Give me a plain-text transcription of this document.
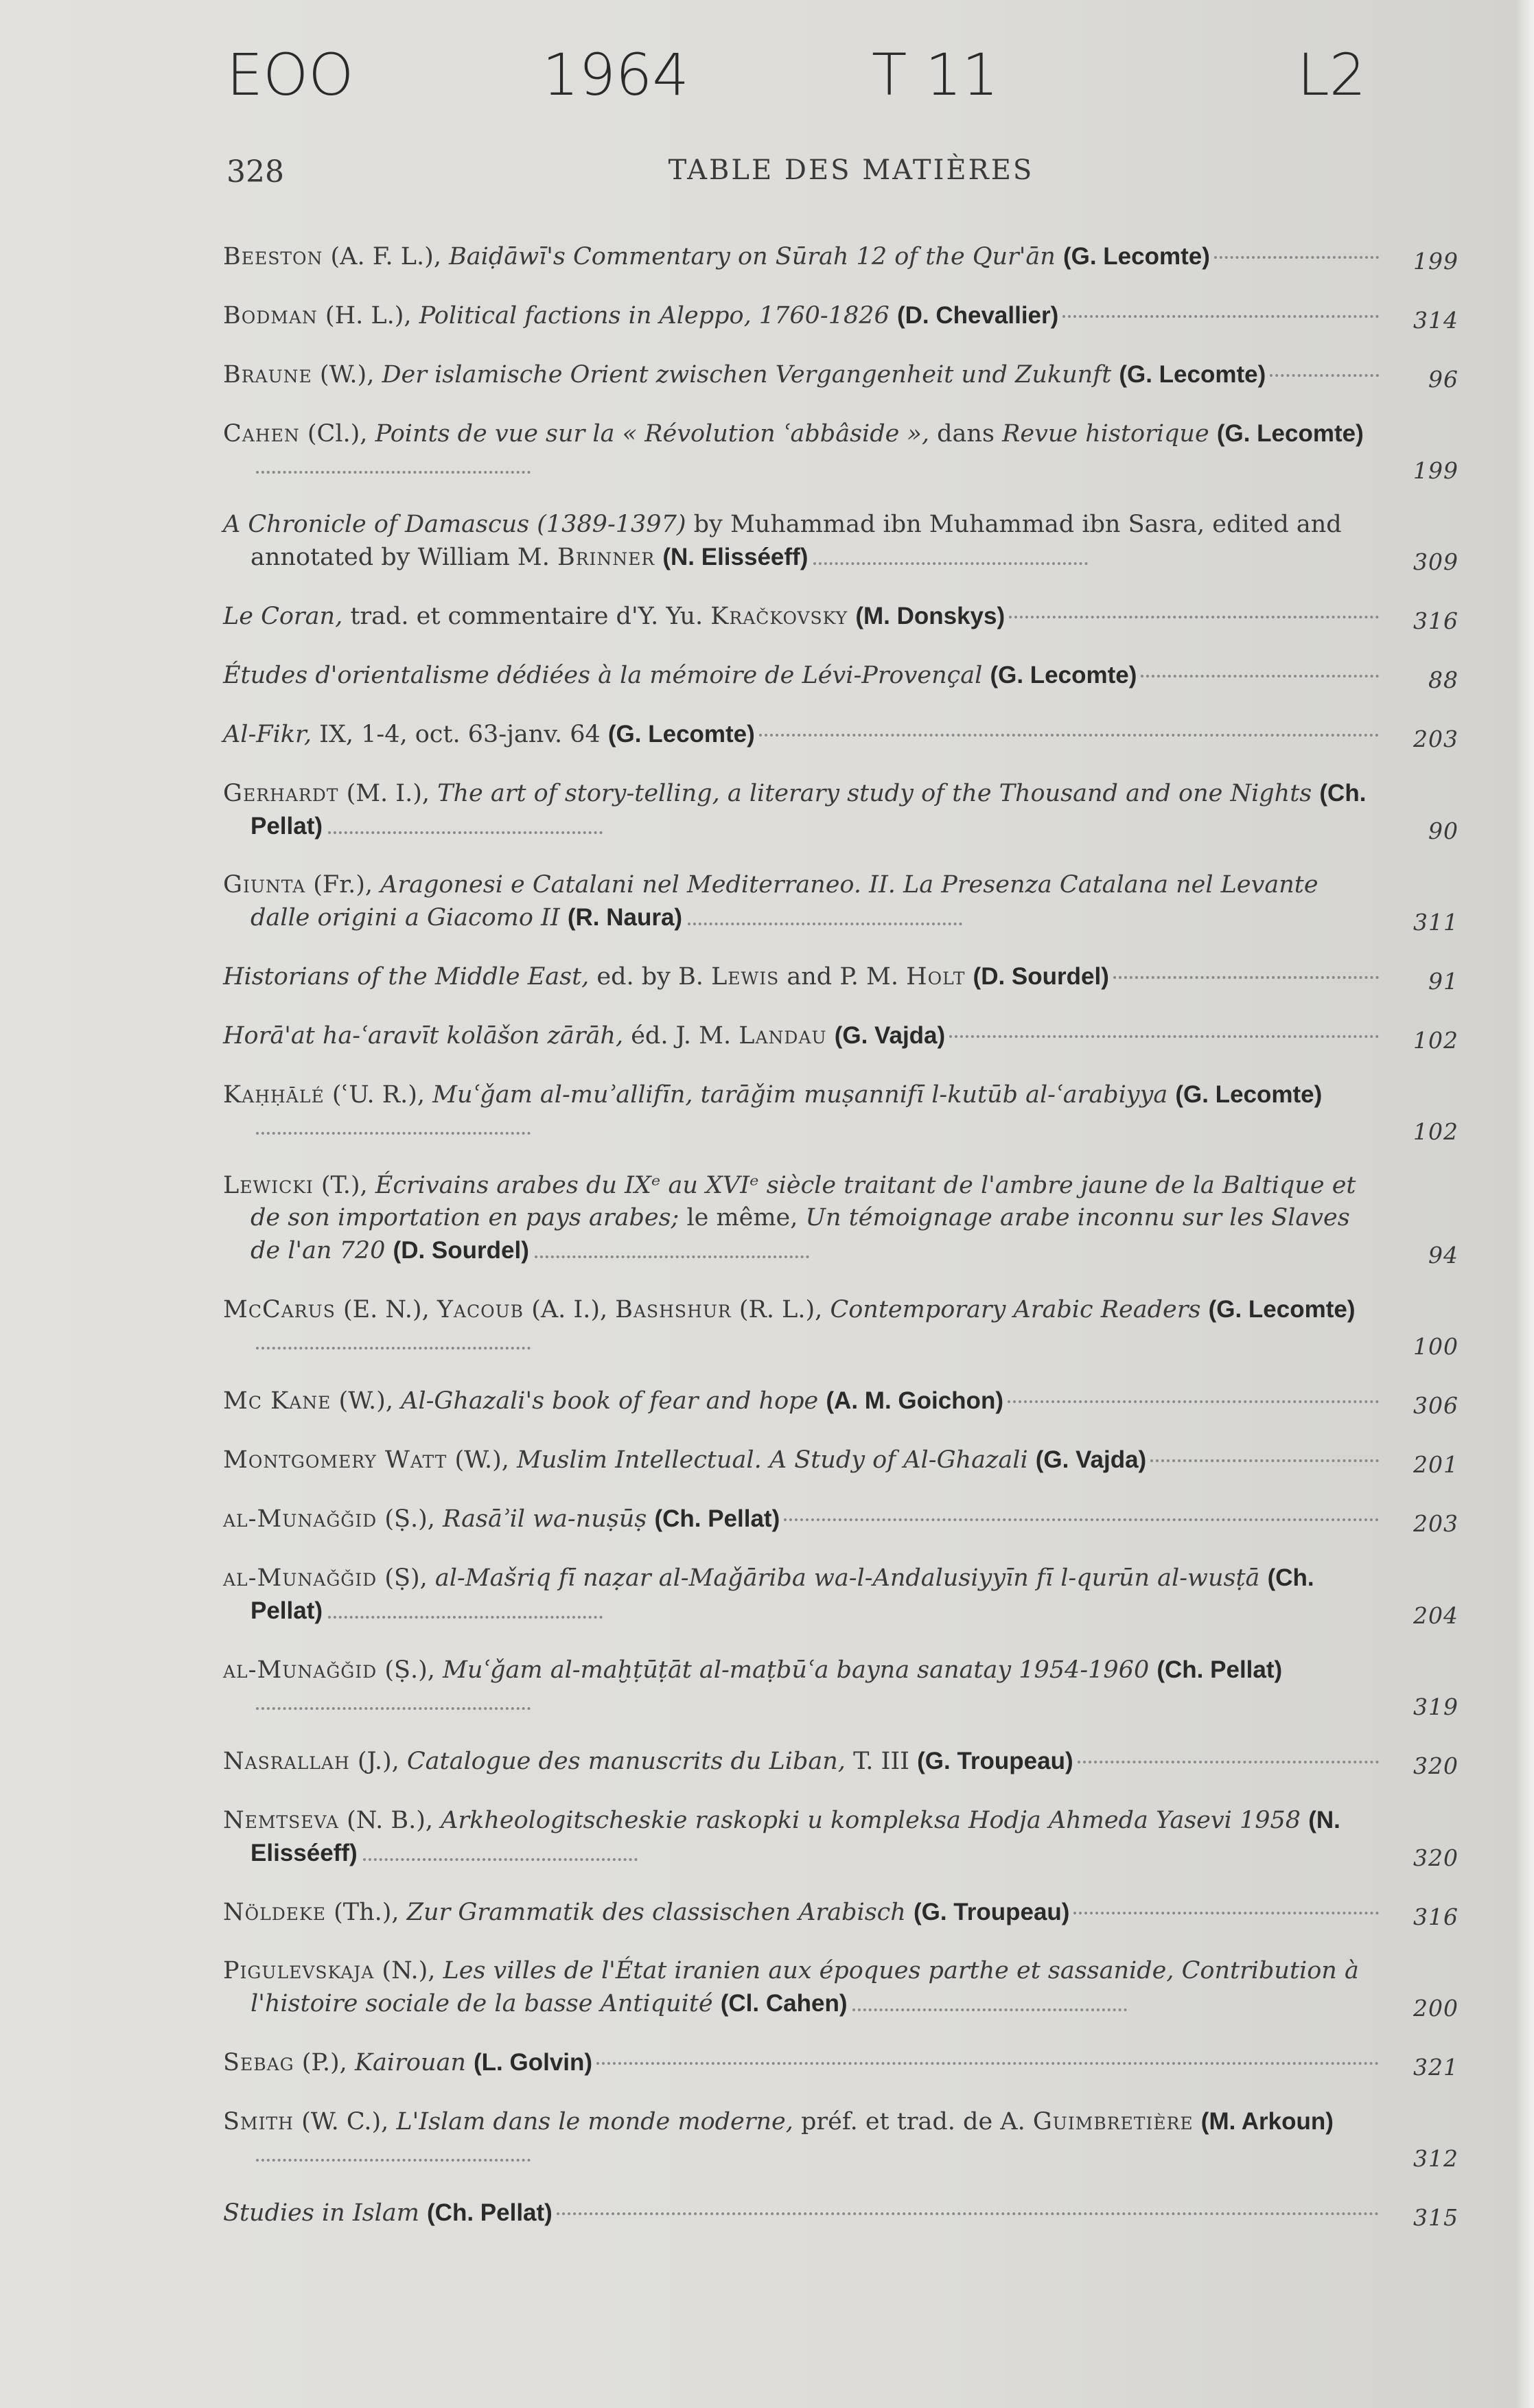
EOO	1964	T 11	L2
328	TABLE DES MATIÈRES
Beeston (A. F. L.), Baiḍāwī's Commentary on Sūrah 12 of the Qur'ān (G. Lecomte)	199
Bodman (H. L.), Political factions in Aleppo, 1760-1826 (D. Chevallier)	314
Braune (W.), Der islamische Orient zwischen Vergangenheit und Zukunft (G. Lecomte)	96
Cahen (Cl.), Points de vue sur la « Révolution ʿabbâside », dans Revue historique (G. Lecomte)
199
A Chronicle of Damascus (1389-1397) by Muhammad ibn Muhammad ibn Sasra, edited and annotated by William M. Brinner (N. Elisséeff)	309
Le Coran, trad. et commentaire d'Y. Yu. Kračkovsky (M. Donskys)	316
Études d'orientalisme dédiées à la mémoire de Lévi-Provençal (G. Lecomte)	88
Al-Fikr, IX, 1-4, oct. 63-janv. 64 (G. Lecomte)	203
Gerhardt (M. I.), The art of story-telling, a literary study of the Thousand and one Nights (Ch. Pellat)	90
Giunta (Fr.), Aragonesi e Catalani nel Mediterraneo. II. La Presenza Catalana nel Levante dalle origini a Giacomo II (R. Naura)	311
Historians of the Middle East, ed. by B. Lewis and P. M. Holt (D. Sourdel)	91
Horā'at ha-ʿaravīt kolāšon zārāh, éd. J. M. Landau (G. Vajda)	102
Kaḥḥālé (ʿU. R.), Muʿǧam al-muʾallifīn, tarāǧim muṣannifī l-kutūb al-ʿarabiyya (G. Lecomte)
102
Lewicki (T.), Écrivains arabes du IXᵉ au XVIᵉ siècle traitant de l'ambre jaune de la Baltique et de son importation en pays arabes; le même, Un témoignage arabe inconnu sur les Slaves de l'an 720 (D. Sourdel)	94
McCarus (E. N.), Yacoub (A. I.), Bashshur (R. L.), Contemporary Arabic Readers (G. Lecomte)
100
Mc Kane (W.), Al-Ghazali's book of fear and hope (A. M. Goichon)	306
Montgomery Watt (W.), Muslim Intellectual. A Study of Al-Ghazali (G. Vajda)	201
al-Munaǧǧid (Ṣ.), Rasāʾil wa-nuṣūṣ (Ch. Pellat)	203
al-Munaǧǧid (Ṣ), al-Mašriq fī naẓar al-Maǧāriba wa-l-Andalusiyyīn fī l-qurūn al-wusṭā (Ch. Pellat)	204
al-Munaǧǧid (Ṣ.), Muʿǧam al-maḫṭūṭāt al-maṭbūʿa bayna sanatay 1954-1960 (Ch. Pellat)
319
Nasrallah (J.), Catalogue des manuscrits du Liban, T. III (G. Troupeau)	320
Nemtseva (N. B.), Arkheologitscheskie raskopki u kompleksa Hodja Ahmeda Yasevi 1958 (N. Elisséeff)	320
Nöldeke (Th.), Zur Grammatik des classischen Arabisch (G. Troupeau)	316
Pigulevskaja (N.), Les villes de l'État iranien aux époques parthe et sassanide, Contribution à l'histoire sociale de la basse Antiquité (Cl. Cahen)	200
Sebag (P.), Kairouan (L. Golvin)	321
Smith (W. C.), L'Islam dans le monde moderne, préf. et trad. de A. Guimbretière (M. Arkoun)
312
Studies in Islam (Ch. Pellat)	315
